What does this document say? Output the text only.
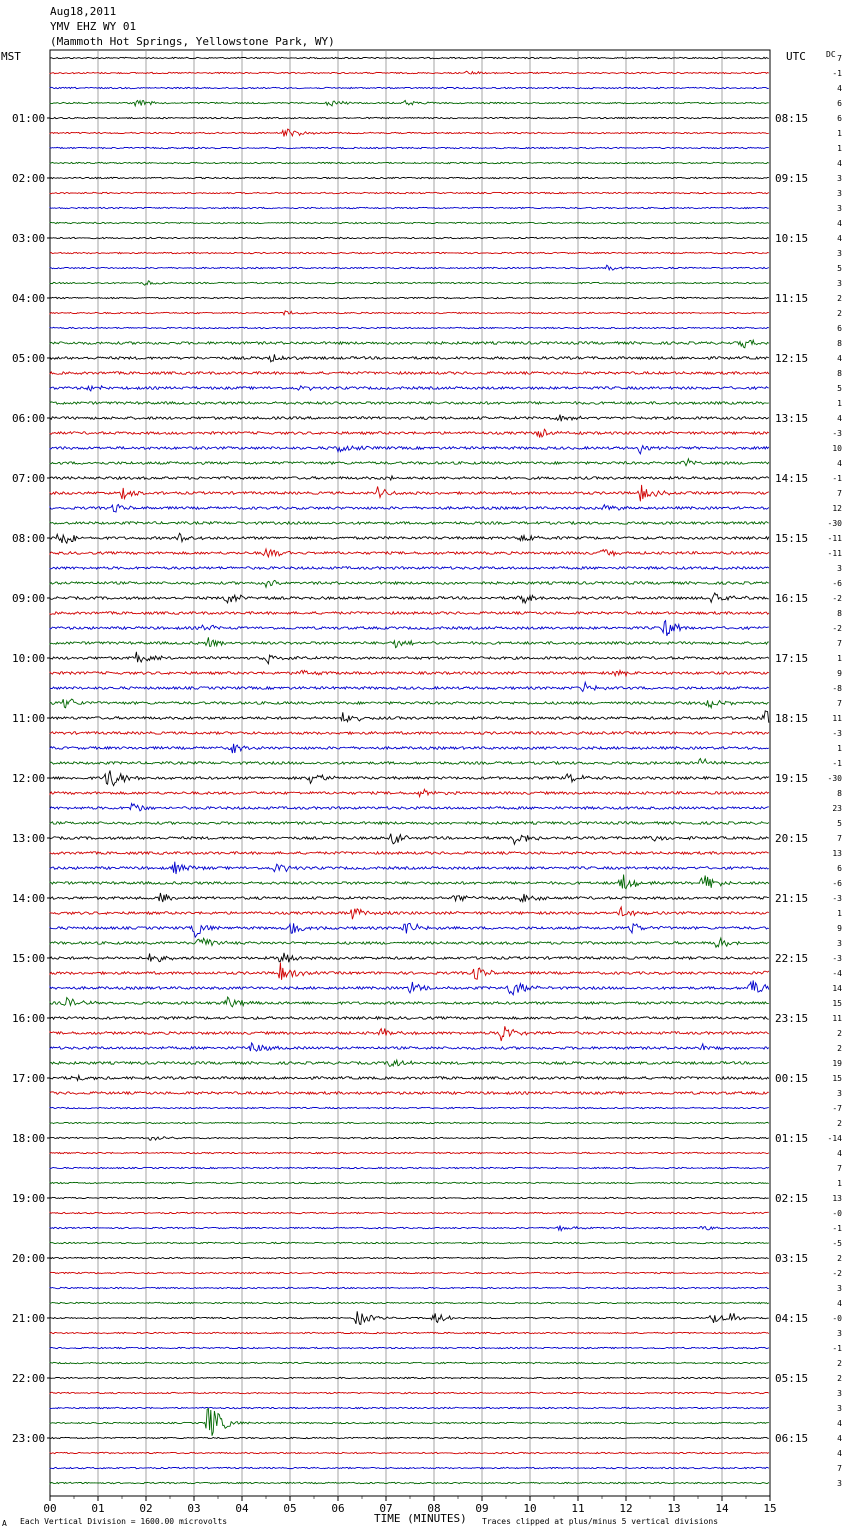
Aug18,2011
YMV EHZ WY 01
(Mammoth Hot Springs, Yellowstone Park, WY)
MST	UTC	DC
00	01	02	03	04	05	06	07	08	09	10	11	12	13	14	15
7
-1
4
6
6
1
1
4
3
3
3
4
4
3
5
3
2
2
6
8
4
8
5
1
4
-3
10
4
-1
7
12
-30
-11
-11
3
-6
-2
8
-2
7
1
9
-8
7
11
-3
1
-1
-30
8
23
5
7
13
6
-6
-3
1
9
3
-3
-4
14
15
11
2
2
19
15
3
-7
2
-14
4
7
1
13
-0
-1
-5
2
-2
3
4
-0
3
-1
2
2
3
3
4
4
4
7
3
01:00
02:00
03:00
04:00
05:00
06:00
07:00
08:00
09:00
10:00
11:00
12:00
13:00
14:00
15:00
16:00
17:00
18:00
19:00
20:00
21:00
22:00
23:00
08:15
09:15
10:15
11:15
12:15
13:15
14:15
15:15
16:15
17:15
18:15
19:15
20:15
21:15
22:15
23:15
00:15
01:15
02:15
03:15
04:15
05:15
06:15
A Each Vertical Division = 1600.00 microvolts	TIME (MINUTES) Traces clipped at plus/minus 5 vertical divisions
